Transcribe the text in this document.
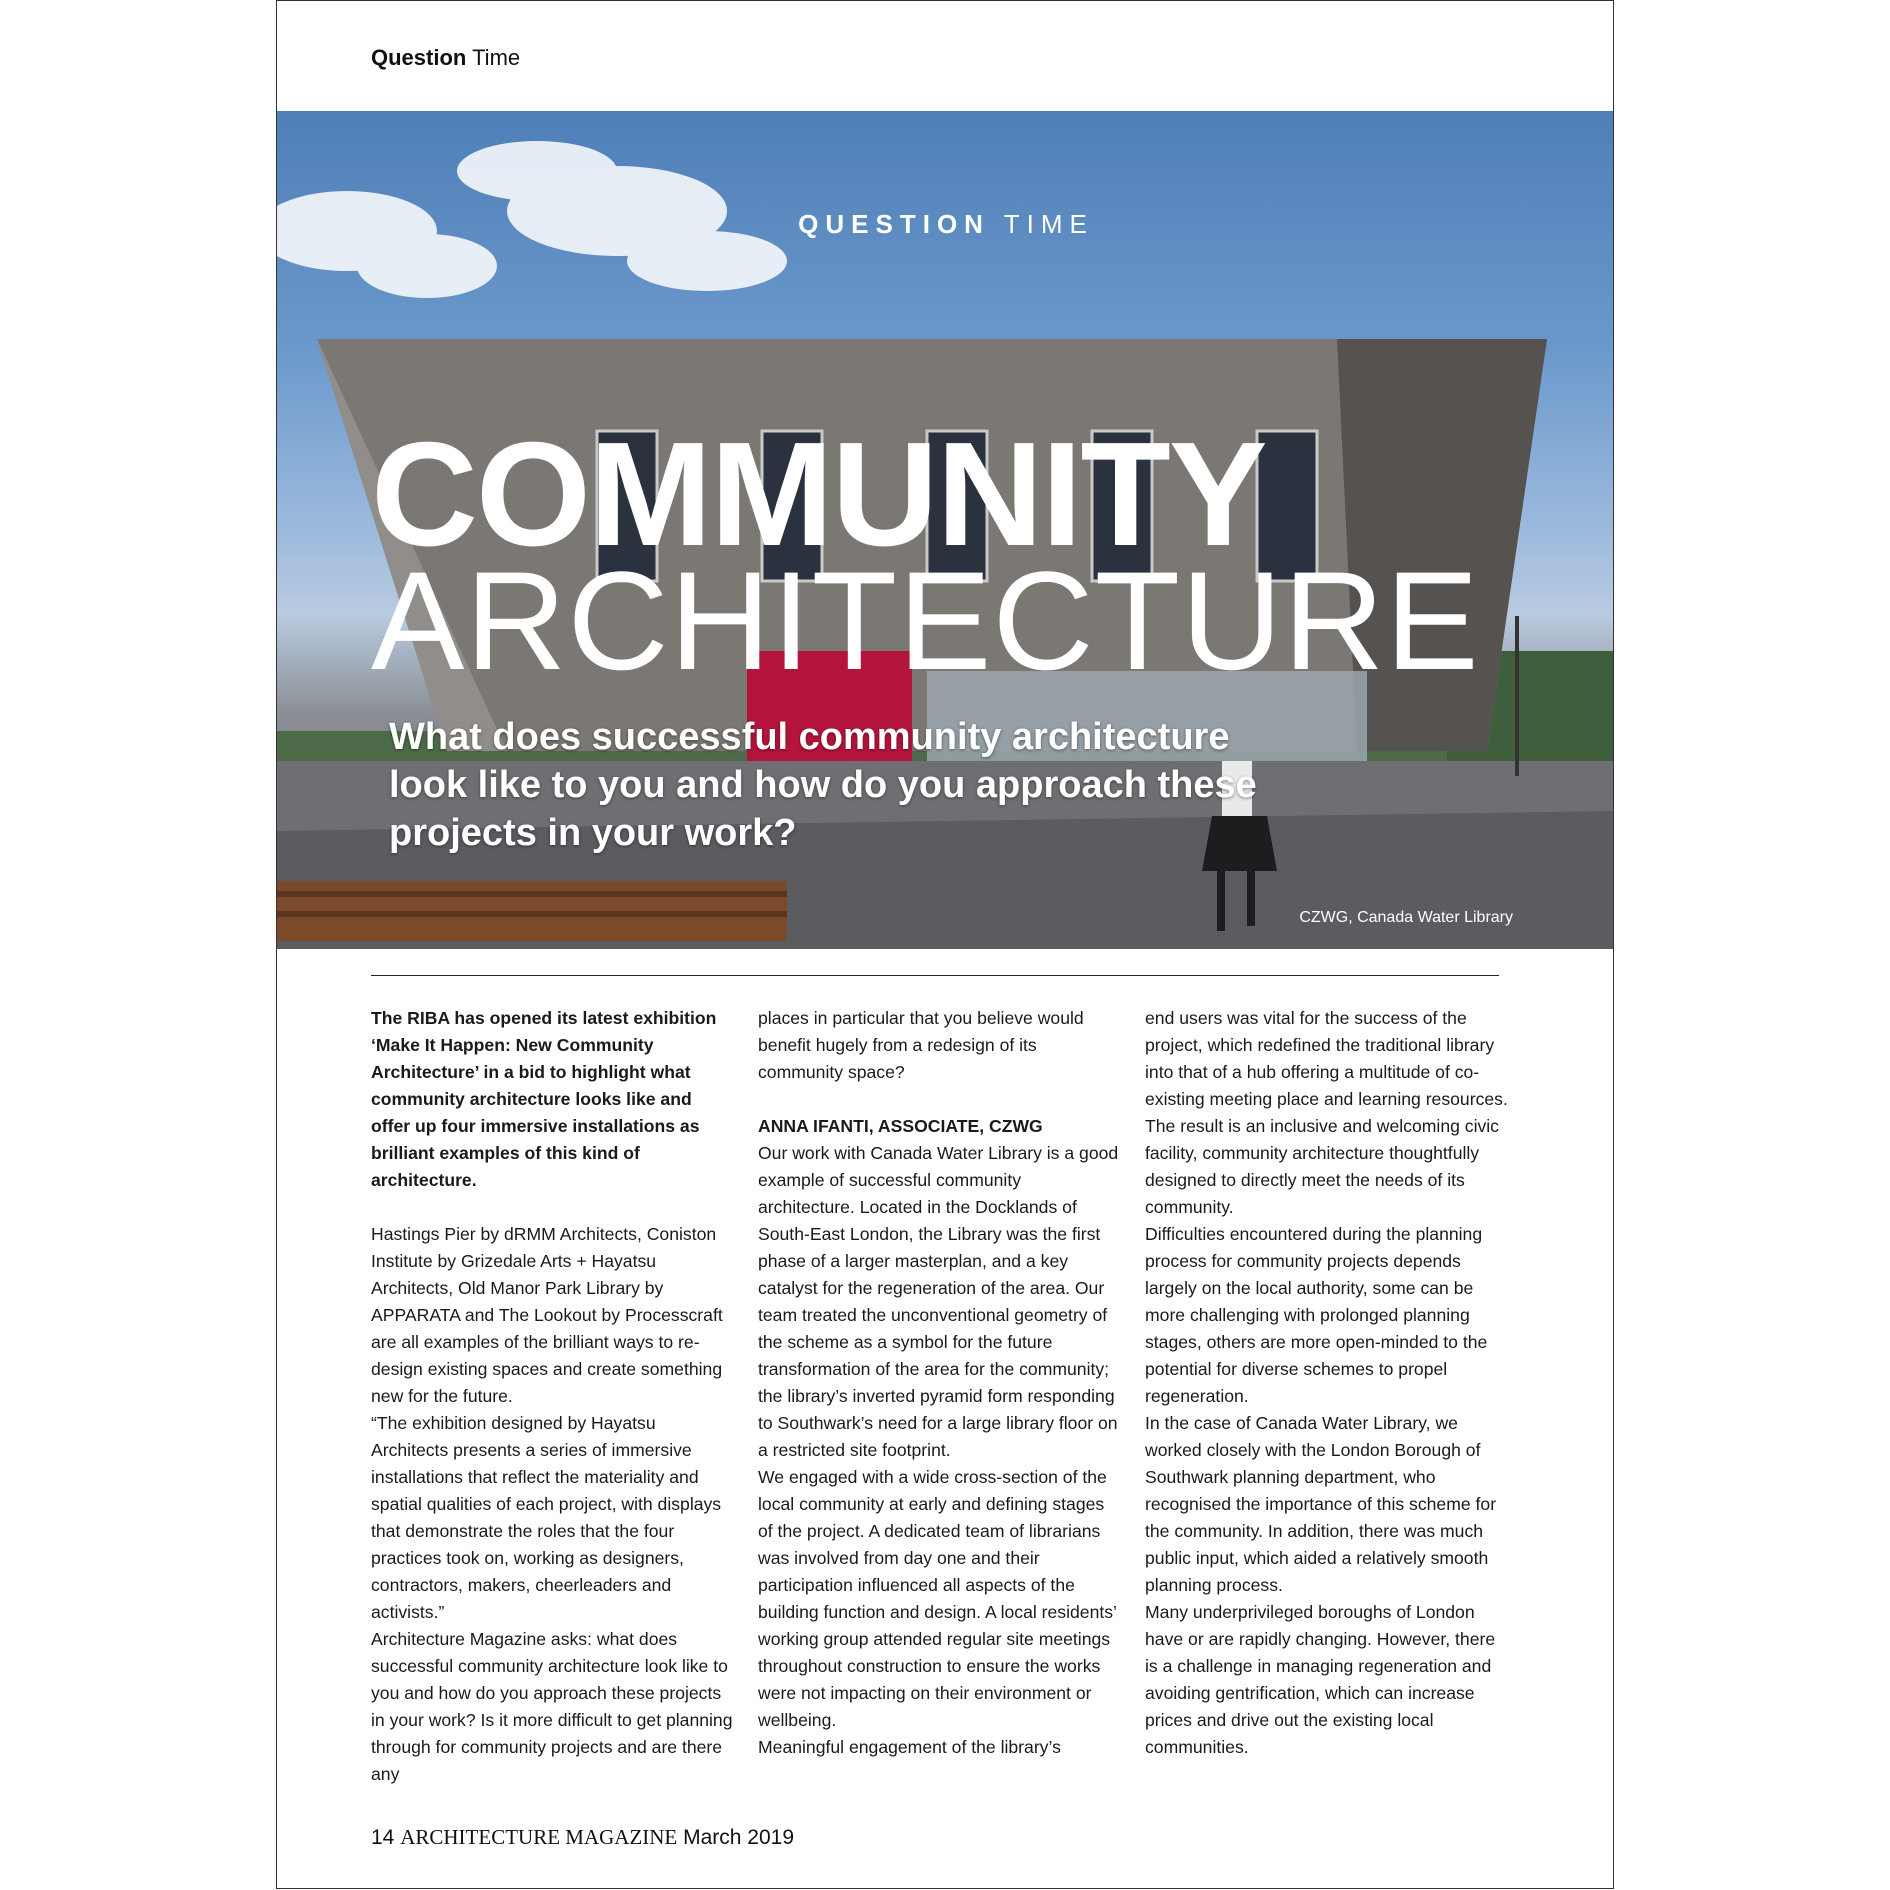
Question Time
QUESTION TIME
COMMUNITY
ARCHITECTURE
What does successful community architecture look like to you and how do you approach these projects in your work?
CZWG, Canada Water Library

The RIBA has opened its latest exhibition ‘Make It Happen: New Community Architecture’ in a bid to highlight what community architecture looks like and offer up four immersive installations as brilliant examples of this kind of architecture.

Hastings Pier by dRMM Architects, Coniston Institute by Grizedale Arts + Hayatsu Architects, Old Manor Park Library by APPARATA and The Lookout by Processcraft are all examples of the brilliant ways to re-design existing spaces and create something new for the future.

“The exhibition designed by Hayatsu Architects presents a series of immersive installations that reflect the materiality and spatial qualities of each project, with displays that demonstrate the roles that the four practices took on, working as designers, contractors, makers, cheerleaders and activists.”

Architecture Magazine asks: what does successful community architecture look like to you and how do you approach these projects in your work? Is it more difficult to get planning through for community projects and are there any

places in particular that you believe would benefit hugely from a redesign of its community space?

ANNA IFANTI, ASSOCIATE, CZWG

Our work with Canada Water Library is a good example of successful community architecture. Located in the Docklands of South-East London, the Library was the first phase of a larger masterplan, and a key catalyst for the regeneration of the area. Our team treated the unconventional geometry of the scheme as a symbol for the future transformation of the area for the community; the library’s inverted pyramid form responding to Southwark’s need for a large library floor on a restricted site footprint.

We engaged with a wide cross-section of the local community at early and defining stages of the project. A dedicated team of librarians was involved from day one and their participation influenced all aspects of the building function and design. A local residents’ working group attended regular site meetings throughout construction to ensure the works were not impacting on their environment or wellbeing.

Meaningful engagement of the library’s

end users was vital for the success of the project, which redefined the traditional library into that of a hub offering a multitude of co-existing meeting place and learning resources. The result is an inclusive and welcoming civic facility, community architecture thoughtfully designed to directly meet the needs of its community.

Difficulties encountered during the planning process for community projects depends largely on the local authority, some can be more challenging with prolonged planning stages, others are more open-minded to the potential for diverse schemes to propel regeneration.

In the case of Canada Water Library, we worked closely with the London Borough of Southwark planning department, who recognised the importance of this scheme for the community. In addition, there was much public input, which aided a relatively smooth planning process.

Many underprivileged boroughs of London have or are rapidly changing. However, there is a challenge in managing regeneration and avoiding gentrification, which can increase prices and drive out the existing local communities.

14 ARCHITECTURE MAGAZINE March 2019
